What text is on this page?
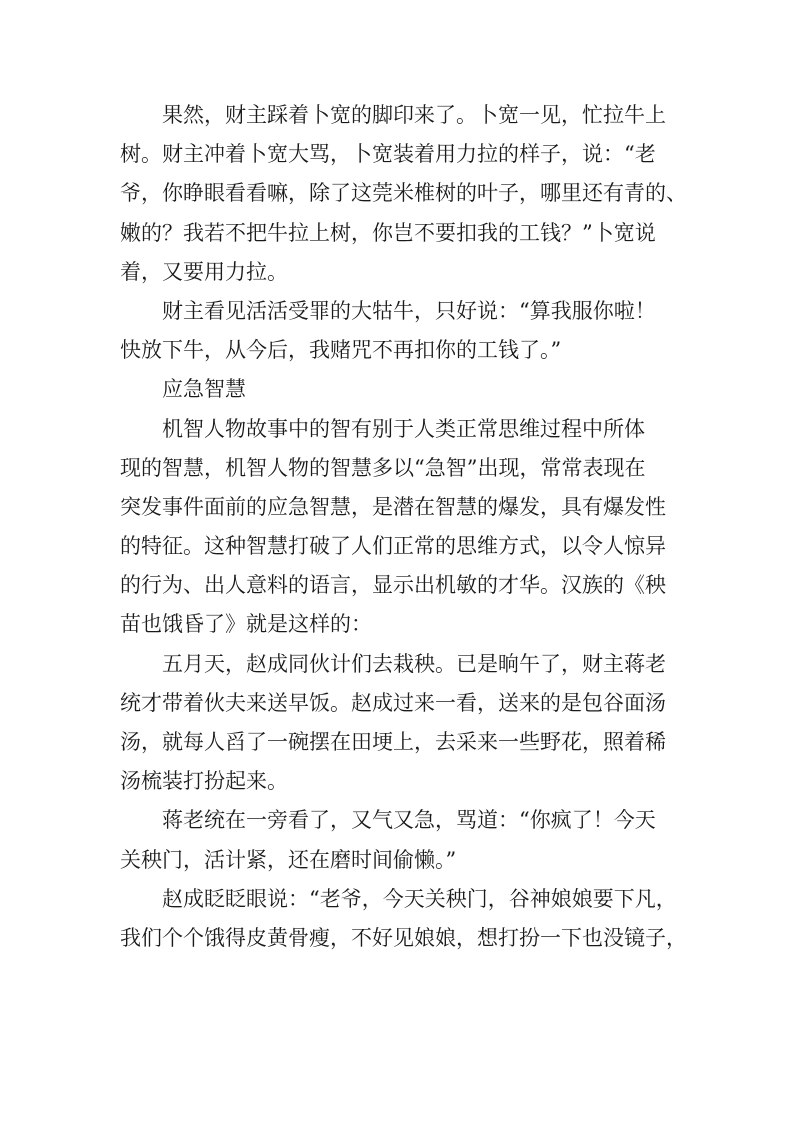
果然，财主踩着卜宽的脚印来了。卜宽一见，忙拉牛上
树。财主冲着卜宽大骂，卜宽装着用力拉的样子，说：“老
爷，你睁眼看看嘛，除了这莞米椎树的叶子，哪里还有青的、
嫩的？我若不把牛拉上树，你岂不要扣我的工钱？”卜宽说
着，又要用力拉。
财主看见活活受罪的大牯牛，只好说：“算我服你啦！
快放下牛，从今后，我赌咒不再扣你的工钱了。”
应急智慧
机智人物故事中的智有别于人类正常思维过程中所体
现的智慧，机智人物的智慧多以“急智”出现，常常表现在
突发事件面前的应急智慧，是潜在智慧的爆发，具有爆发性
的特征。这种智慧打破了人们正常的思维方式，以令人惊异
的行为、出人意料的语言，显示出机敏的才华。汉族的《秧
苗也饿昏了》就是这样的：
五月天，赵成同伙计们去栽秧。已是晌午了，财主蒋老
统才带着伙夫来送早饭。赵成过来一看，送来的是包谷面汤
汤，就每人舀了一碗摆在田埂上，去采来一些野花，照着稀
汤梳装打扮起来。
蒋老统在一旁看了，又气又急，骂道：“你疯了！今天
关秧门，活计紧，还在磨时间偷懒。”
赵成眨眨眼说：“老爷，今天关秧门，谷神娘娘要下凡，
我们个个饿得皮黄骨瘦，不好见娘娘，想打扮一下也没镜子，
